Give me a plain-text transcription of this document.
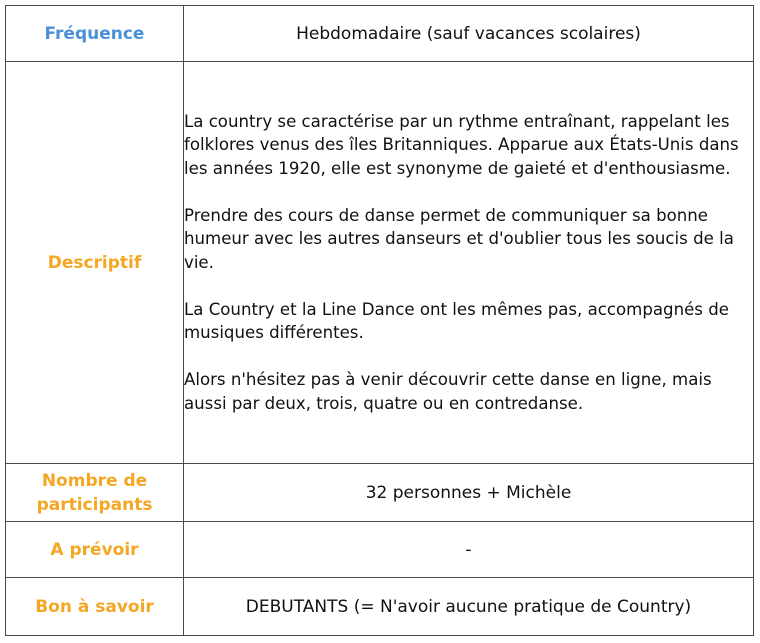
Fréquence	Hebdomadaire (sauf vacances scolaires)
Descriptif	La country se caractérise par un rythme entraînant, rappelant les folklores venus des îles Britanniques. Apparue aux États-Unis dans les années 1920, elle est synonyme de gaieté et d'enthousiasme.

Prendre des cours de danse permet de communiquer sa bonne humeur avec les autres danseurs et d'oublier tous les soucis de la vie.

La Country et la Line Dance ont les mêmes pas, accompagnés de musiques différentes.

Alors n'hésitez pas à venir découvrir cette danse en ligne, mais aussi par deux, trois, quatre ou en contredanse.

Nombre de participants	32 personnes + Michèle
A prévoir	-
Bon à savoir	DEBUTANTS (= N'avoir aucune pratique de Country)
